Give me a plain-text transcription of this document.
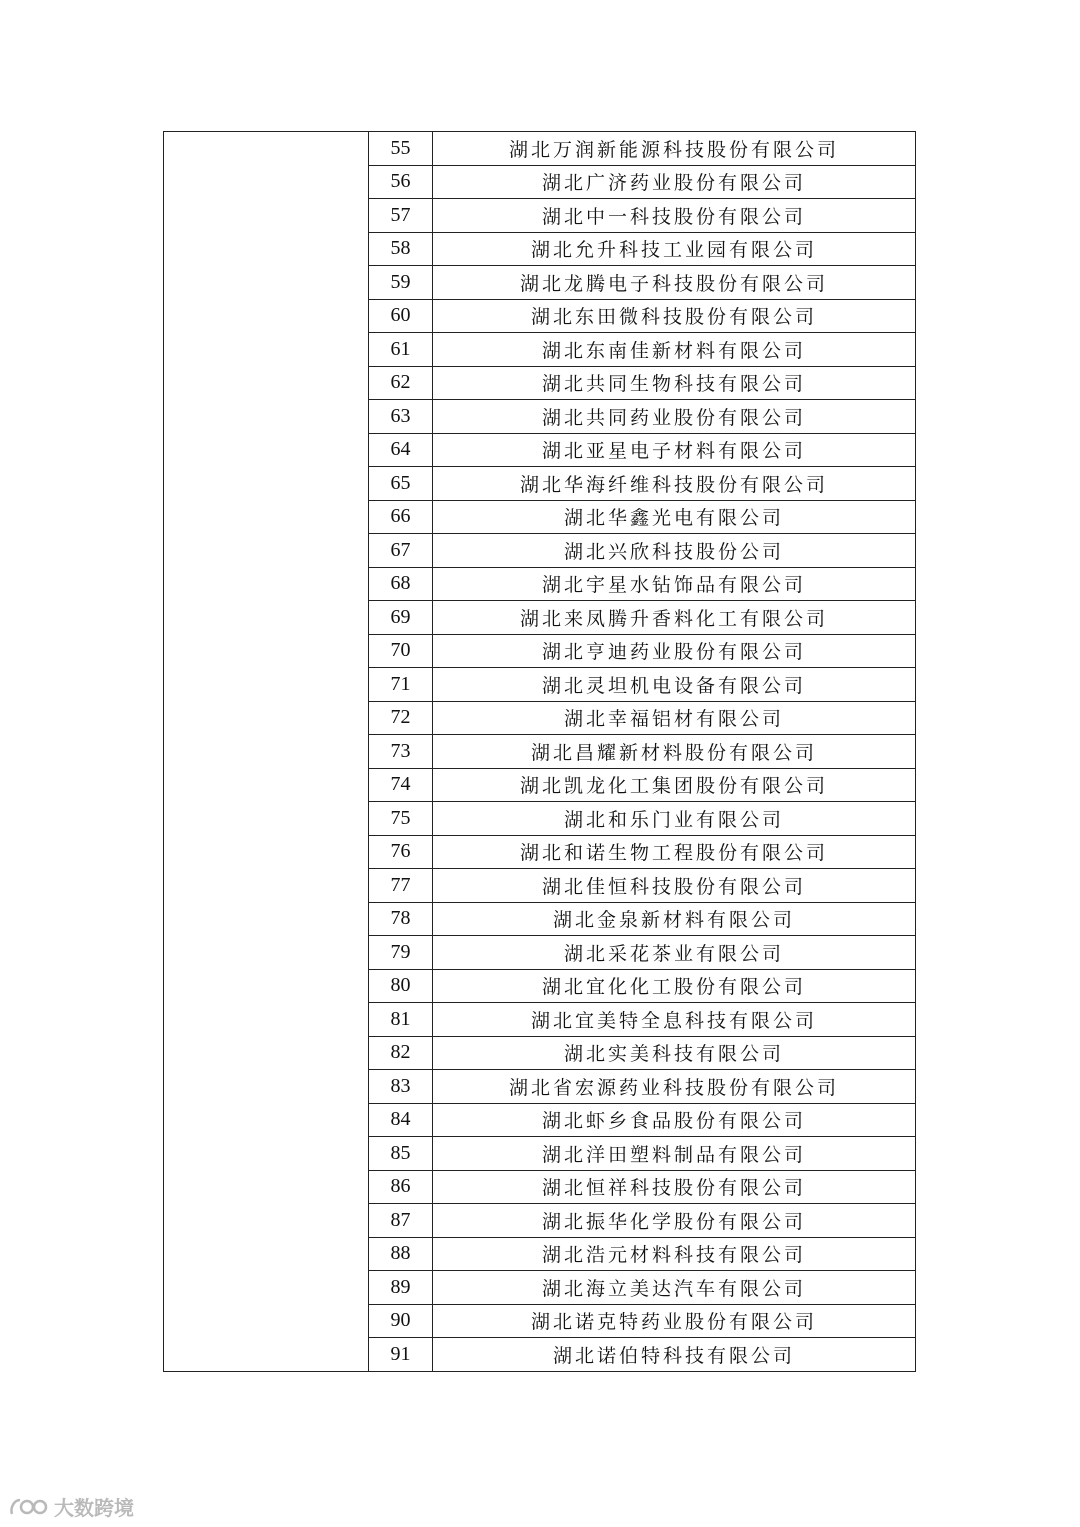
	55	湖北万润新能源科技股份有限公司
	56	湖北广济药业股份有限公司
	57	湖北中一科技股份有限公司
	58	湖北允升科技工业园有限公司
	59	湖北龙腾电子科技股份有限公司
	60	湖北东田微科技股份有限公司
	61	湖北东南佳新材料有限公司
	62	湖北共同生物科技有限公司
	63	湖北共同药业股份有限公司
	64	湖北亚星电子材料有限公司
	65	湖北华海纤维科技股份有限公司
	66	湖北华鑫光电有限公司
	67	湖北兴欣科技股份公司
	68	湖北宇星水钻饰品有限公司
	69	湖北来凤腾升香料化工有限公司
	70	湖北亨迪药业股份有限公司
	71	湖北灵坦机电设备有限公司
	72	湖北幸福铝材有限公司
	73	湖北昌耀新材料股份有限公司
	74	湖北凯龙化工集团股份有限公司
	75	湖北和乐门业有限公司
	76	湖北和诺生物工程股份有限公司
	77	湖北佳恒科技股份有限公司
	78	湖北金泉新材料有限公司
	79	湖北采花茶业有限公司
	80	湖北宜化化工股份有限公司
	81	湖北宜美特全息科技有限公司
	82	湖北实美科技有限公司
	83	湖北省宏源药业科技股份有限公司
	84	湖北虾乡食品股份有限公司
	85	湖北洋田塑料制品有限公司
	86	湖北恒祥科技股份有限公司
	87	湖北振华化学股份有限公司
	88	湖北浩元材料科技有限公司
	89	湖北海立美达汽车有限公司
	90	湖北诺克特药业股份有限公司
	91	湖北诺伯特科技有限公司
大数跨境
